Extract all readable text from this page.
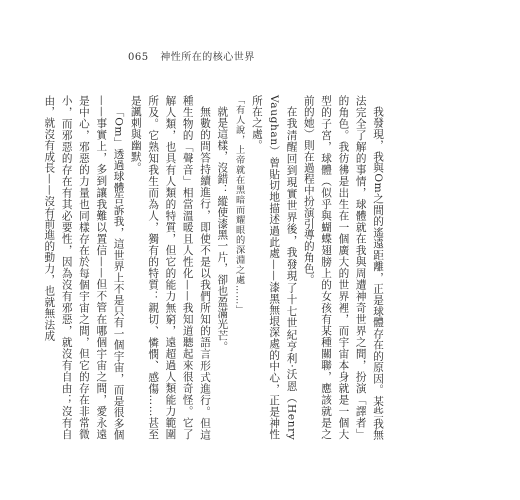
065 神性所在的核心世界

我發現，我與Om之間的遙遠距離，正是球體存在的原因。某些我無法完全了解的事情，球體就在我與周遭神奇世界之間，扮演「譯者」的角色。我彷彿是出生在一個廣大的世界裡，而宇宙本身就是一個大型的子宮，球體（似乎與蝴蝶翅膀上的女孩有某種關聯，應該就是之前的她）則在過程中扮演引導的角色。

在我清醒回到現實世界後，我發現了十七世紀亨利‧沃恩（Henry Vaughan）曾貼切地描述過此處——漆黑無垠深處的中心，正是神性所在之處。

「有人說，上帝就在黑暗而耀眼的深淵之處……」

就是這樣，沒錯：縱使漆黑一片，卻也盈滿光芒。

無數的問答持續進行，即使不是以我們所知的語言形式進行。但這種生物的「聲音」相當溫暖且人性化——我知道聽起來很奇怪。它了解人類，也具有人類的特質，但它的能力無窮，遠超過人類能力範圍所及。它熟知我生而為人，獨有的特質：親切、憐憫、感傷……甚至是諷刺與幽默。

「Om」透過球體告訴我，這世界上不是只有一個宇宙，而是很多個——事實上，多到讓我難以置信——但不管在哪個宇宙之間，愛永遠是中心，邪惡的力量也同樣存在於每個宇宙之間，但它的存在非常微小，而邪惡的存在有其必要性，因為沒有邪惡，就沒有自由；沒有自由，就沒有成長——沒有前進的動力，也就無法成
